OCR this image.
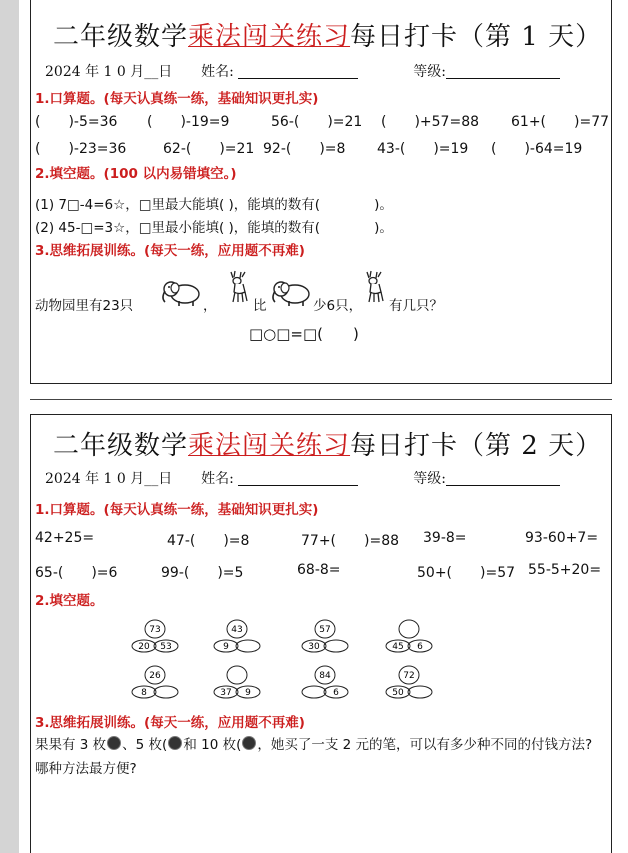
二年级数学乘法闯关练习每日打卡（第 1 天）
2024 年 1 0 月__日 姓名:	等级:
1.口算题。(每天认真练一练，基础知识更扎实)
(　　)-5=36 (　　)-19=9	56-(　　)=21 (　　)+57=88 61+(　　)=77
(　　)-23=36	62-(　　)=21 92-(　　)=8 43-(　　)=19 (　　)-64=19
2.填空题。(100 以内易错填空。)
(1) 7□-4=6☆，□里最大能填( )，能填的数有(　　　　)。
(2) 45-□=3☆，□里最小能填( )，能填的数有(　　　　)。
3.思维拓展训练。(每天一练，应用题不再难)
动物园里有23只	，	比	少6只， 有几只？
□○□=□(　　)
二年级数学乘法闯关练习每日打卡（第 2 天）
2024 年 1 0 月__日 姓名:	等级:
1.口算题。(每天认真练一练，基础知识更扎实)
42+25=	47-(　　)=8	77+(　　)=88 39-8=	93-60+7=
65-(　　)=6	99-(　　)=5	68-8=	50+(　　)=57 55-5+20=
2.填空题。
73
20 53
43
9
57
30	45 6
26
8	37 9
84
6
72
50
3.思维拓展训练。(每天一练，应用题不再难)
果果有 3 枚 、5 枚( 和 10 枚( ，她买了一支 2 元的笔，可以有多少种不同的付钱方法?哪种方法最方便?
